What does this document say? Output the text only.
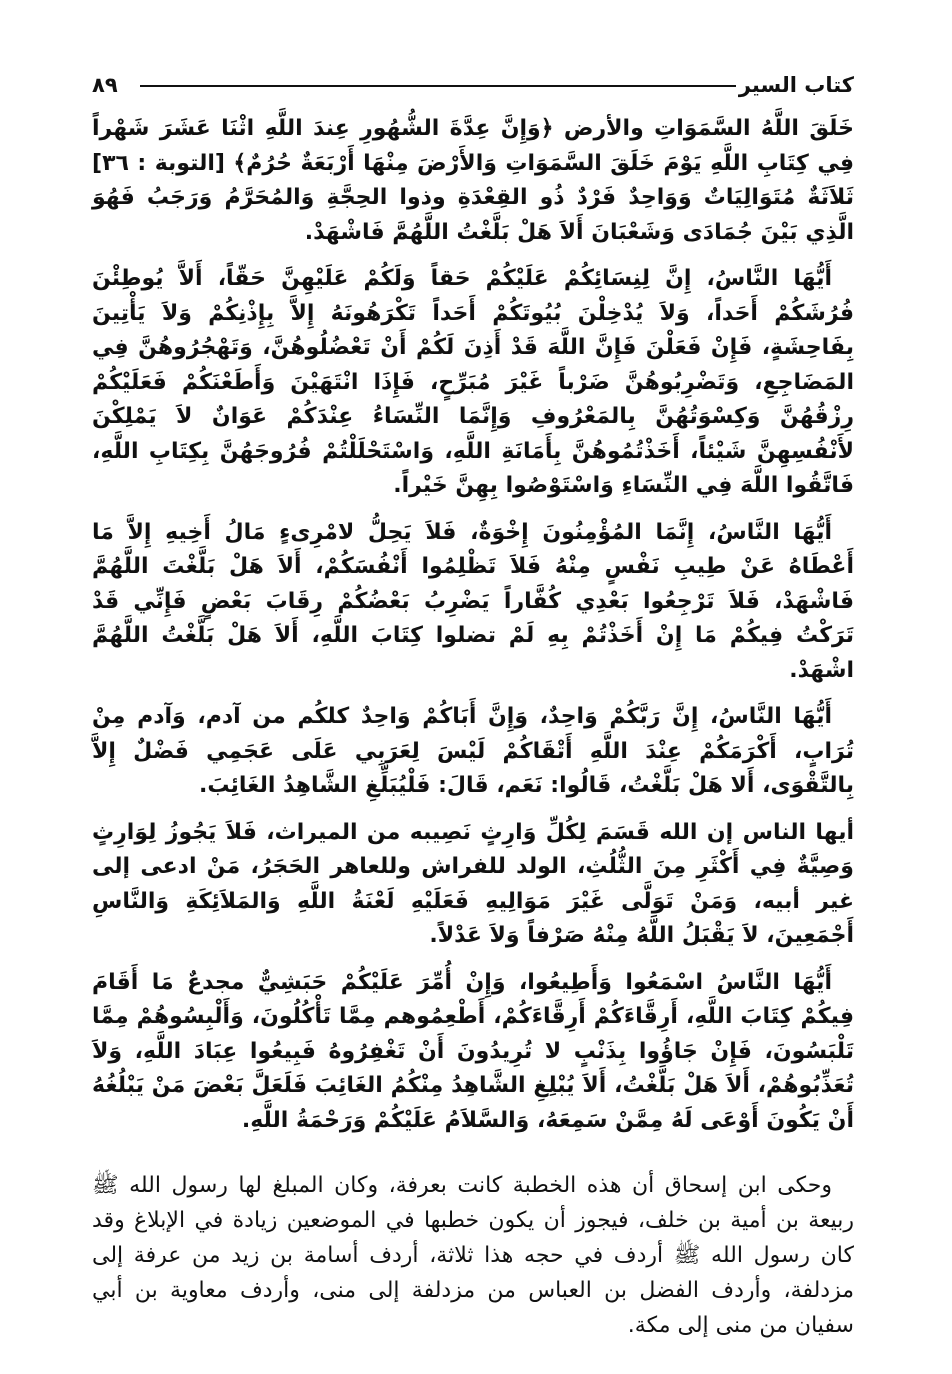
كتاب السير
٨٩

خَلَقَ اللَّهُ السَّمَوَاتِ والأرض ﴿وَإِنَّ عِدَّةَ الشُّهُورِ عِندَ اللَّهِ اثْنَا عَشَرَ شَهْراً فِي كِتَابِ اللَّهِ يَوْمَ خَلَقَ السَّمَوَاتِ وَالأَرْضَ مِنْهَا أَرْبَعَةٌ حُرُمٌ﴾ [التوبة : ٣٦] ثَلاَثَةٌ مُتَوَالِيَاتٌ وَوَاحِدٌ فَرْدٌ ذُو القِعْدَةِ وذوا الحِجَّةِ وَالمُحَرَّمُ وَرَجَبُ فَهُوَ الَّذِي بَيْنَ جُمَادَى وَشَعْبَانَ أَلاَ هَلْ بَلَّغْتُ اللَّهُمَّ فَاشْهَدْ.

أَيُّهَا النَّاسُ، إِنَّ لِنِسَائِكُمْ عَلَيْكُمْ حَقاً وَلَكُمْ عَلَيْهِنَّ حَقّاً، أَلاَّ يُوطِئْنَ فُرُشَكُمْ أَحَداً، وَلاَ يُدْخِلْنَ بُيُوتَكُمْ أَحَداً تَكْرَهُونَهُ إِلاَّ بِإِذْنِكُمْ وَلاَ يَأْتِينَ بِفَاحِشَةٍ، فَإِنْ فَعَلْنَ فَإِنَّ اللَّهَ قَدْ أَذِنَ لَكُمْ أَنْ تَعْضُلُوهُنَّ، وَتَهْجُرُوهُنَّ فِي المَضَاجِعِ، وَتَضْرِبُوهُنَّ ضَرْباً غَيْرَ مُبَرِّحٍ، فَإِذَا انْتَهَيْنَ وَأَطَعْنَكُمْ فَعَلَيْكُمْ رِزْقُهُنَّ وَكِسْوَتُهُنَّ بِالمَعْرُوفِ وَإِنَّمَا النِّسَاءُ عِنْدَكُمْ عَوَانٌ لاَ يَمْلِكْنَ لأَنْفُسِهِنَّ شَيْئاً، أَخَذْتُمُوهُنَّ بِأَمَانَةِ اللَّهِ، وَاسْتَحْلَلْتُمْ فُرُوجَهُنَّ بِكِتَابِ اللَّهِ، فَاتَّقُوا اللَّهَ فِي النِّسَاءِ وَاسْتَوْصُوا بِهِنَّ خَيْراً.

أَيُّهَا النَّاسُ، إِنَّمَا المُؤْمِنُونَ إِخْوَةٌ، فَلاَ يَحِلُّ لامْرِىءٍ مَالُ أَخِيهِ إِلاَّ مَا أَعْطَاهُ عَنْ طِيبِ نَفْسٍ مِنْهُ فَلاَ تَظْلِمُوا أَنْفُسَكُمْ، أَلاَ هَلْ بَلَّغْتَ اللَّهُمَّ فَاشْهَدْ، فَلاَ تَرْجِعُوا بَعْدِي كُفَّاراً يَضْرِبُ بَعْضُكُمْ رِقَابَ بَعْضٍ فَإِنِّي قَدْ تَرَكْتُ فِيكُمْ مَا إِنْ أَخَذْتُمْ بِهِ لَمْ تضلوا كِتَابَ اللَّهِ، أَلاَ هَلْ بَلَّغْتُ اللَّهُمَّ اشْهَدْ.

أَيُّهَا النَّاسُ، إِنَّ رَبَّكُمْ وَاحِدٌ، وَإِنَّ أَبَاكُمْ وَاحِدٌ كلكُم من آدم، وَآدم مِنْ تُرَابٍ، أَكْرَمَكُمْ عِنْدَ اللَّهِ أَتْقَاكُمْ لَيْسَ لِعَرَبِي عَلَى عَجَمِي فَضْلٌ إِلاَّ بِالتَّقْوَى، أَلا هَلْ بَلَّغْتُ، قَالُوا: نَعَم، قَالَ: فَلْيُبَلِّغِ الشَّاهِدُ الغَائِبَ.

أيها الناس إن الله قَسَمَ لِكُلِّ وَارِثٍ نَصِيبه من الميراث، فَلاَ يَجُوزُ لِوَارِثٍ وَصِيَّةٌ فِي أَكْثَرِ مِنَ الثُّلُثِ، الولد للفراش وللعاهر الحَجَرُ، مَنْ ادعى إلى غير أبيه، وَمَنْ تَوَلَّى غَيْرَ مَوَالِيهِ فَعَلَيْهِ لَعْنَةُ اللَّهِ وَالمَلاَئِكَةِ وَالنَّاسِ أَجْمَعِينَ، لاَ يَقْبَلُ اللَّهُ مِنْهُ صَرْفاً وَلاَ عَدْلاً.

أَيُّهَا النَّاسُ اسْمَعُوا وَأَطِيعُوا، وَإِنْ أُمِّرَ عَلَيْكُمْ حَبَشِيٌّ مجدعٌ مَا أَقَامَ فِيكُمْ كِتَابَ اللَّهِ، أَرِقَّاءَكُمْ أَرِقَّاءَكُمْ، أَطْعِمُوهم مِمَّا تَأْكُلُونَ، وَأَلْبِسُوهُمْ مِمَّا تَلْبَسُونَ، فَإِنْ جَاؤُوا بِذَنْبٍ لا تُرِيدُونَ أَنْ تَغْفِرُوهُ فَبِيعُوا عِبَادَ اللَّهِ، وَلاَ تُعَذِّبُوهُمْ، أَلاَ هَلْ بَلَّغْتُ، أَلاَ يُبْلِغِ الشَّاهِدُ مِنْكُمُ الغَائِبَ فَلَعَلَّ بَعْضَ مَنْ يَبْلُغُهُ أَنْ يَكُونَ أَوْعَى لَهُ مِمَّنْ سَمِعَهُ، وَالسَّلاَمُ عَلَيْكُمْ وَرَحْمَةُ اللَّهِ.

وحكى ابن إسحاق أن هذه الخطبة كانت بعرفة، وكان المبلغ لها رسول الله ﷺ ربيعة بن أمية بن خلف، فيجوز أن يكون خطبها في الموضعين زيادة في الإبلاغ وقد كان رسول الله ﷺ أردف في حجه هذا ثلاثة، أردف أسامة بن زيد من عرفة إلى مزدلفة، وأردف الفضل بن العباس من مزدلفة إلى منى، وأردف معاوية بن أبي سفيان من منى إلى مكة.
